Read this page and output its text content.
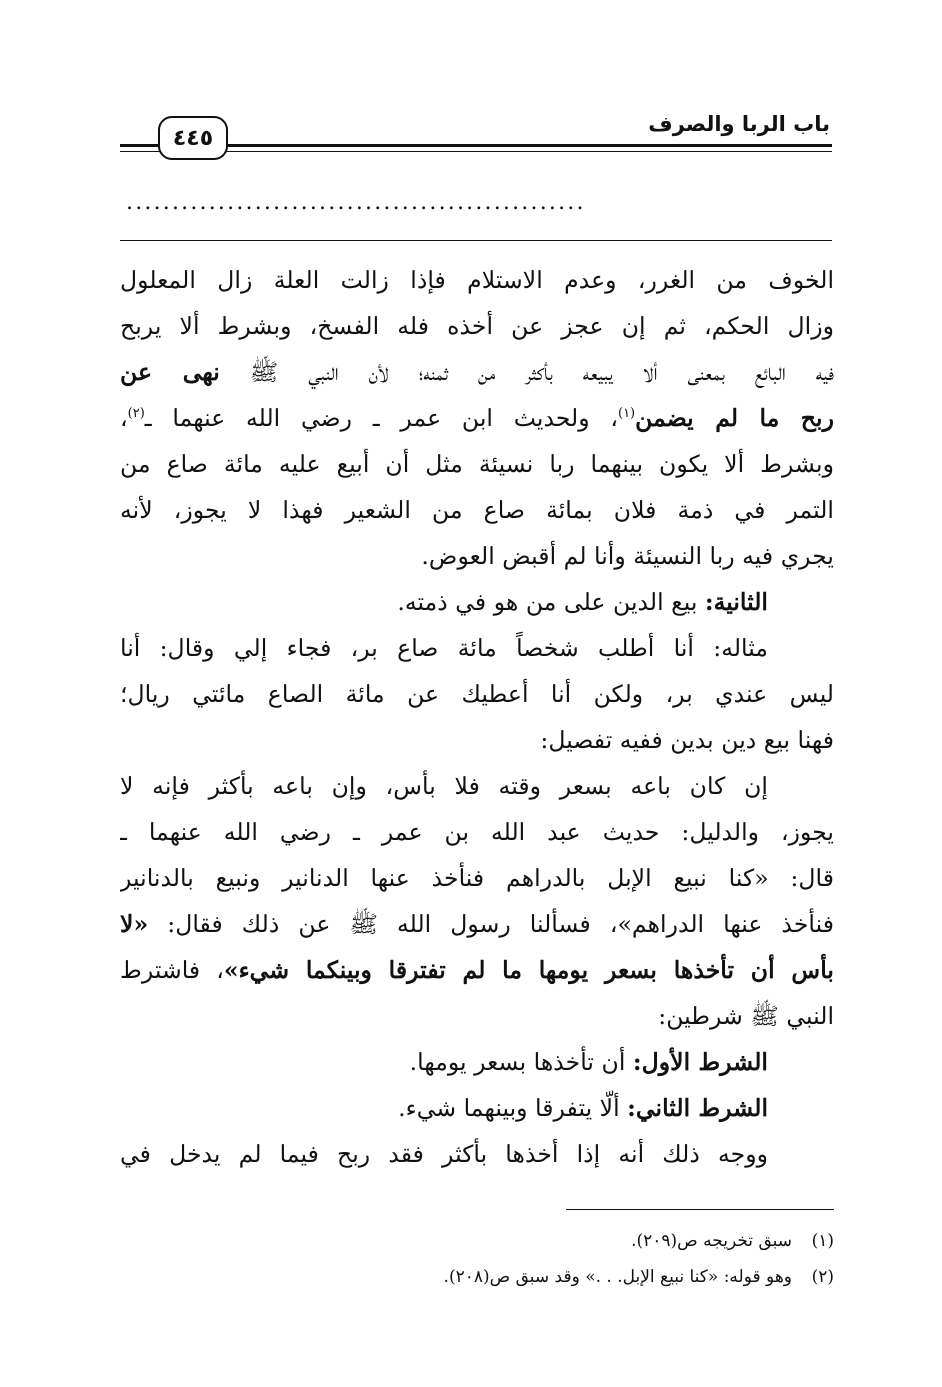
باب الربا والصرف
٤٤٥
..................................................
الخوف من الغرر، وعدم الاستلام فإذا زالت العلة زال المعلول
وزال الحكم، ثم إن عجز عن أخذه فله الفسخ، وبشرط ألا يربح
فيه البائع بمعنى ألا يبيعه بأكثر من ثمنه؛ لأن النبي ﷺ نهى عن
ربح ما لم يضمن$^{(١)}$، ولحديث ابن عمر ـ رضي الله عنهما ـ$^{(٢)}$،
وبشرط ألا يكون بينهما ربا نسيئة مثل أن أبيع عليه مائة صاع من
التمر في ذمة فلان بمائة صاع من الشعير فهذا لا يجوز، لأنه
يجري فيه ربا النسيئة وأنا لم أقبض العوض.
الثانية: بيع الدين على من هو في ذمته.
مثاله: أنا أطلب شخصاً مائة صاع بر، فجاء إلي وقال: أنا
ليس عندي بر، ولكن أنا أعطيك عن مائة الصاع مائتي ريال؛
فهنا بيع دين بدين ففيه تفصيل:
إن كان باعه بسعر وقته فلا بأس، وإن باعه بأكثر فإنه لا
يجوز، والدليل: حديث عبد الله بن عمر ـ رضي الله عنهما ـ
قال: «كنا نبيع الإبل بالدراهم فنأخذ عنها الدنانير ونبيع بالدنانير
فنأخذ عنها الدراهم»، فسألنا رسول الله ﷺ عن ذلك فقال: «لا
بأس أن تأخذها بسعر يومها ما لم تفترقا وبينكما شيء»، فاشترط
النبي ﷺ شرطين:
الشرط الأول: أن تأخذها بسعر يومها.
الشرط الثاني: ألّا يتفرقا وبينهما شيء.
ووجه ذلك أنه إذا أخذها بأكثر فقد ربح فيما لم يدخل في
(١)سبق تخريجه ص(٢٠٩).
(٢)وهو قوله: «كنا نبيع الإبل. . .» وقد سبق ص(٢٠٨).
